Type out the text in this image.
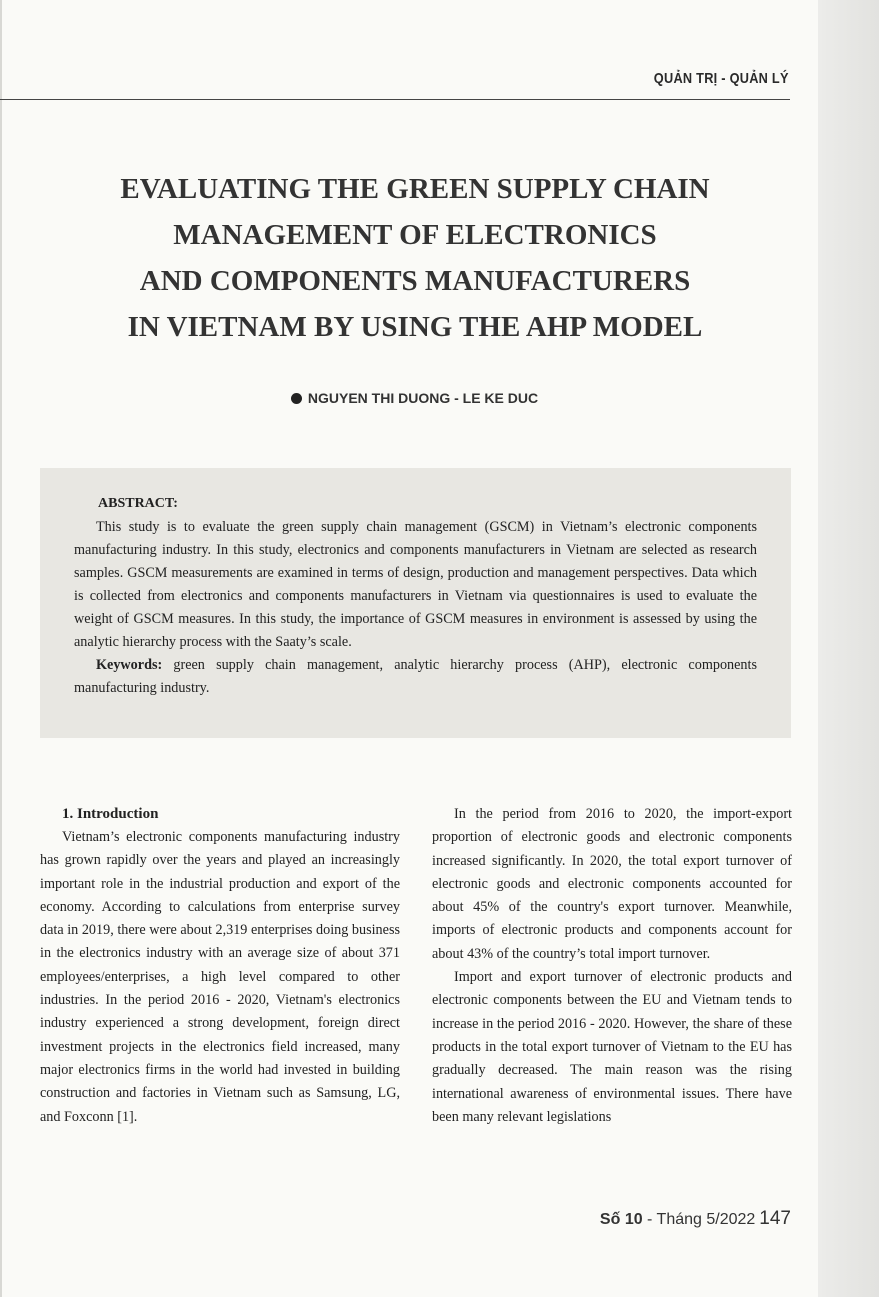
QUẢN TRỊ - QUẢN LÝ
EVALUATING THE GREEN SUPPLY CHAIN
MANAGEMENT OF ELECTRONICS
AND COMPONENTS MANUFACTURERS
IN VIETNAM BY USING THE AHP MODEL
NGUYEN THI DUONG - LE KE DUC
ABSTRACT:

This study is to evaluate the green supply chain management (GSCM) in Vietnam’s electronic components manufacturing industry. In this study, electronics and components manufacturers in Vietnam are selected as research samples. GSCM measurements are examined in terms of design, production and management perspectives. Data which is collected from electronics and components manufacturers in Vietnam via questionnaires is used to evaluate the weight of GSCM measures. In this study, the importance of GSCM measures in environment is assessed by using the analytic hierarchy process with the Saaty’s scale.

Keywords: green supply chain management, analytic hierarchy process (AHP), electronic components manufacturing industry.

1. Introduction

Vietnam’s electronic components manufacturing industry has grown rapidly over the years and played an increasingly important role in the industrial production and export of the economy. According to calculations from enterprise survey data in 2019, there were about 2,319 enterprises doing business in the electronics industry with an average size of about 371 employees/enterprises, a high level compared to other industries. In the period 2016 - 2020, Vietnam's electronics industry experienced a strong development, foreign direct investment projects in the electronics field increased, many major electronics firms in the world had invested in building construction and factories in Vietnam such as Samsung, LG, and Foxconn [1].

In the period from 2016 to 2020, the import-export proportion of electronic goods and electronic components increased significantly. In 2020, the total export turnover of electronic goods and electronic components accounted for about 45% of the country's export turnover. Meanwhile, imports of electronic products and components account for about 43% of the country’s total import turnover.

Import and export turnover of electronic products and electronic components between the EU and Vietnam tends to increase in the period 2016 - 2020. However, the share of these products in the total export turnover of Vietnam to the EU has gradually decreased. The main reason was the rising international awareness of environmental issues. There have been many relevant legislations

Số 10 - Tháng 5/2022 147
